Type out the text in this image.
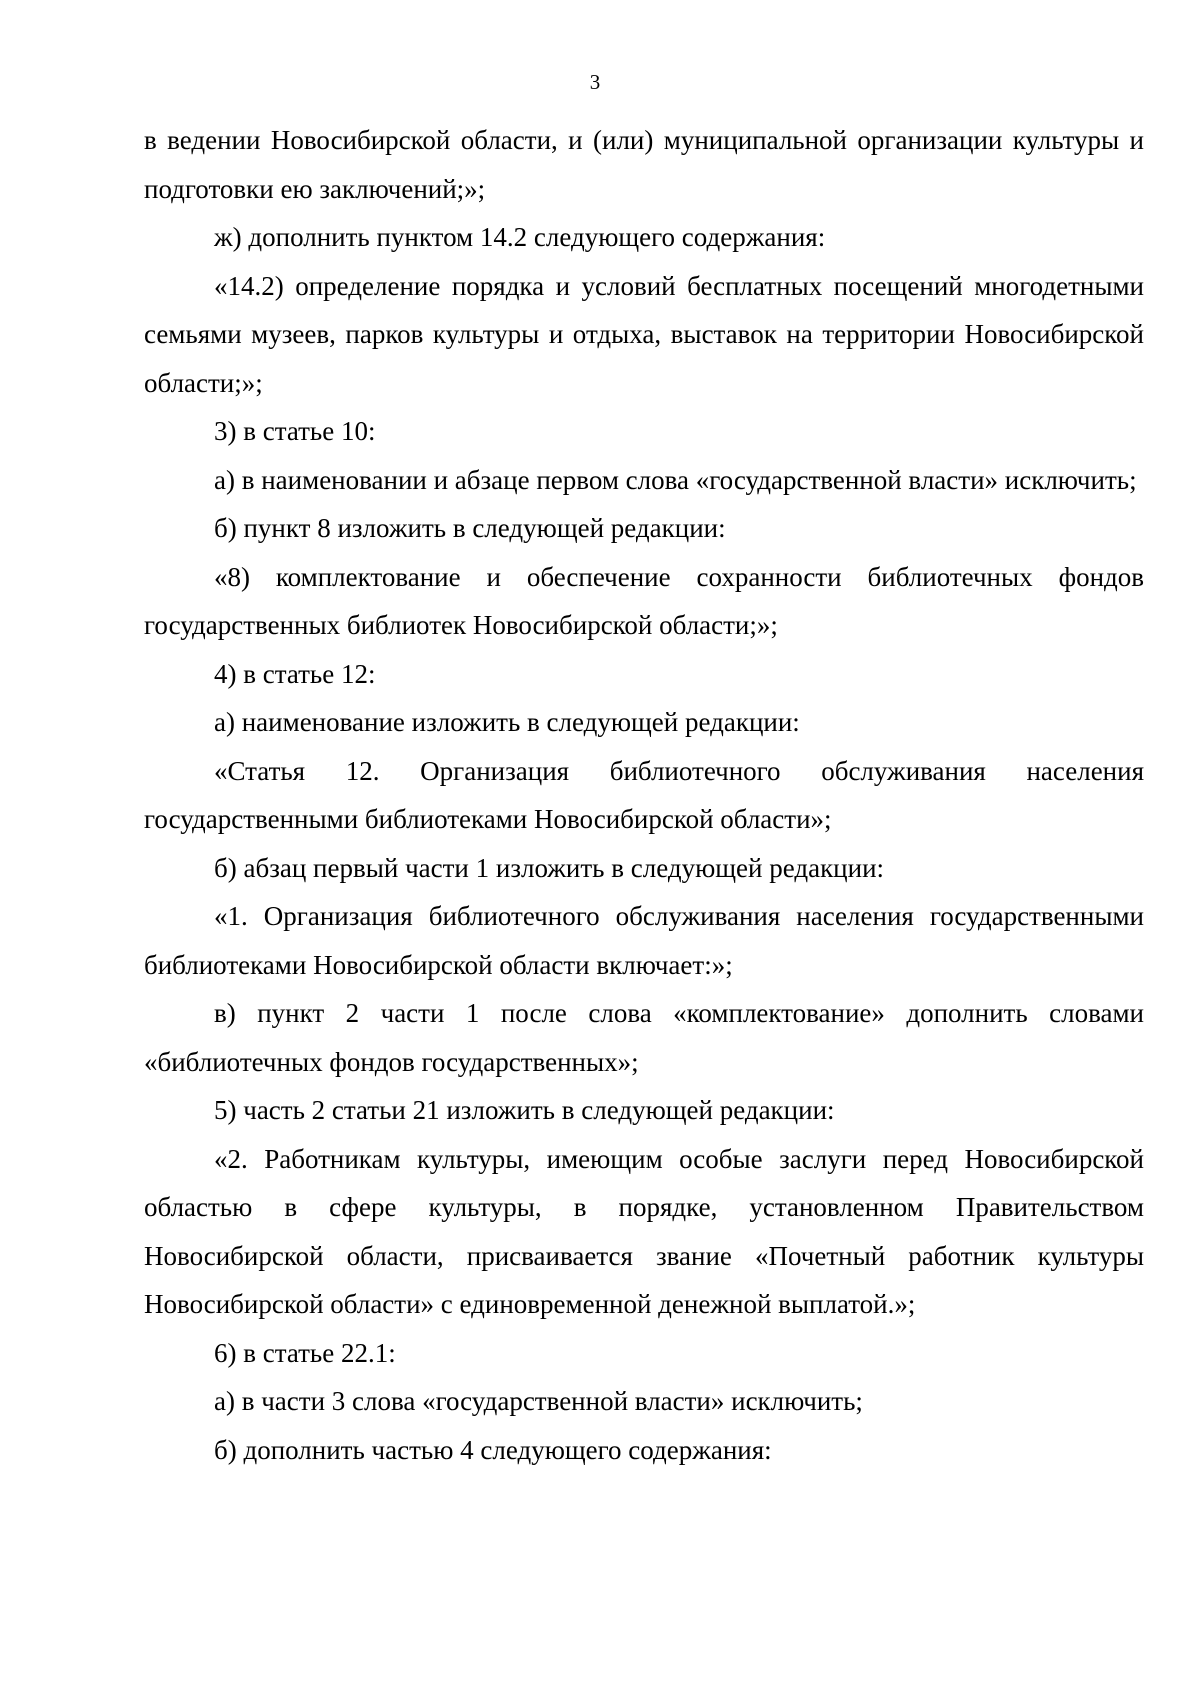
3

в ведении Новосибирской области, и (или) муниципальной организации культуры и подготовки ею заключений;»;

ж) дополнить пунктом 14.2 следующего содержания:

«14.2) определение порядка и условий бесплатных посещений многодетными семьями музеев, парков культуры и отдыха, выставок на территории Новосибирской области;»;

3) в статье 10:

а) в наименовании и абзаце первом слова «государственной власти» исключить;

б) пункт 8 изложить в следующей редакции:

«8) комплектование и обеспечение сохранности библиотечных фондов государственных библиотек Новосибирской области;»;

4) в статье 12:

а) наименование изложить в следующей редакции:

«Статья 12. Организация библиотечного обслуживания населения государственными библиотеками Новосибирской области»;

б) абзац первый части 1 изложить в следующей редакции:

«1. Организация библиотечного обслуживания населения государственными библиотеками Новосибирской области включает:»;

в) пункт 2 части 1 после слова «комплектование» дополнить словами «библиотечных фондов государственных»;

5) часть 2 статьи 21 изложить в следующей редакции:

«2. Работникам культуры, имеющим особые заслуги перед Новосибирской областью в сфере культуры, в порядке, установленном Правительством Новосибирской области, присваивается звание «Почетный работник культуры Новосибирской области» с единовременной денежной выплатой.»;

6) в статье 22.1:

а) в части 3 слова «государственной власти» исключить;

б) дополнить частью 4 следующего содержания:
